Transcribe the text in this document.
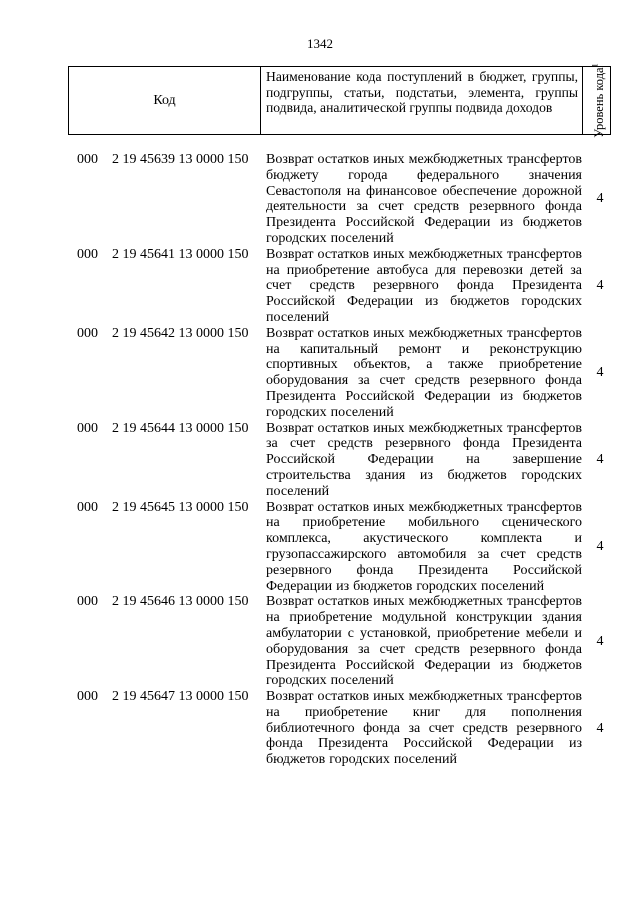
1342
Код
Наименование кода поступлений в бюджет, группы, подгруппы, статьи, подстатьи, элемента, группы подвида, аналитической группы подвида доходов	Уровень кода$^1$
000 2 19 45639 13 0000 150 Возврат остатков иных межбюджетных трансфертов бюджету города федерального значения Севастополя на финансовое обеспечение дорожной деятельности за счет средств резервного фонда Президента Российской Федерации из бюджетов городских поселений
4
000 2 19 45641 13 0000 150 Возврат остатков иных межбюджетных трансфертов на приобретение автобуса для перевозки детей за счет средств резервного фонда Президента Российской Федерации из бюджетов городских поселений
4
000 2 19 45642 13 0000 150 Возврат остатков иных межбюджетных трансфертов на капитальный ремонт и реконструкцию спортивных объектов, а также приобретение оборудования за счет средств резервного фонда Президента Российской Федерации из бюджетов городских поселений
4
000 2 19 45644 13 0000 150 Возврат остатков иных межбюджетных трансфертов за счет средств резервного фонда Президента Российской Федерации на завершение строительства здания из бюджетов городских поселений
4
000 2 19 45645 13 0000 150 Возврат остатков иных межбюджетных трансфертов на приобретение мобильного сценического комплекса, акустического комплекта и грузопассажирского автомобиля за счет средств резервного фонда Президента Российской Федерации из бюджетов городских поселений
4
000 2 19 45646 13 0000 150 Возврат остатков иных межбюджетных трансфертов на приобретение модульной конструкции здания амбулатории с установкой, приобретение мебели и оборудования за счет средств резервного фонда Президента Российской Федерации из бюджетов городских поселений
4
000 2 19 45647 13 0000 150 Возврат остатков иных межбюджетных трансфертов на приобретение книг для пополнения библиотечного фонда за счет средств резервного фонда Президента Российской Федерации из бюджетов городских поселений
4
